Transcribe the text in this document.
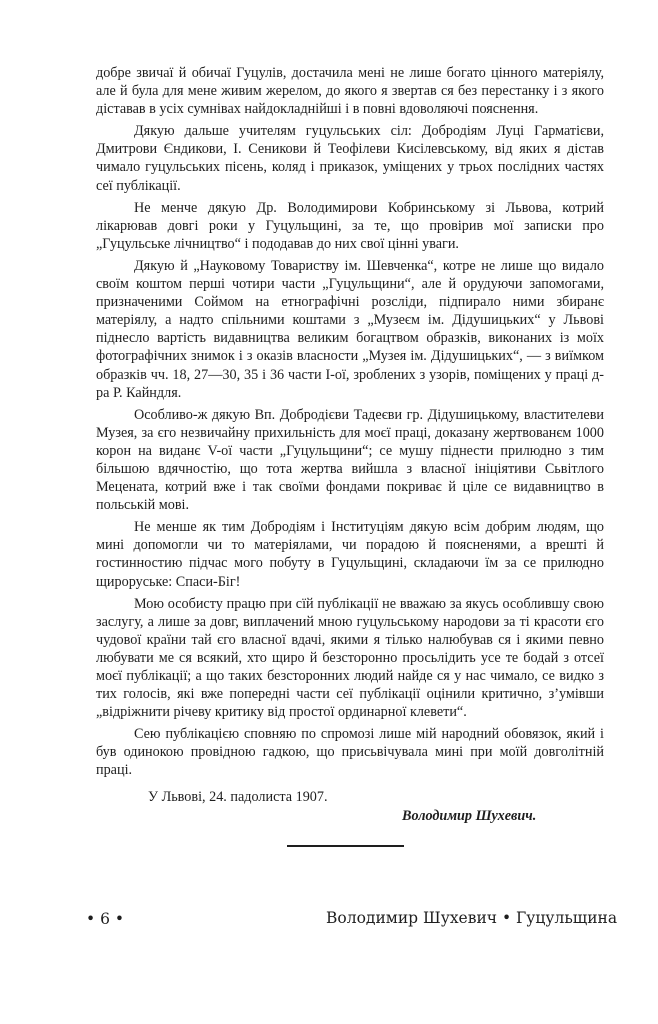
добре звичаї й обичаї Гуцулів, достачила мені не лише богато цінного матеріялу, але й була для мене живим жерелом, до якого я звертав ся без перестанку і з якого діставав в усіх сумнівах найдокладнійші і в повні вдоволяючі пояснення.

Дякую дальше учителям гуцульських сіл: Добродіям Луці Гарматієви, Дмитрови Єндикови, І. Сеникови й Теофілеви Кисілевському, від яких я дістав чимало гуцульських пісень, коляд і приказок, уміщених у трьох послідних частях сеї публікації.

Не менче дякую Др. Володимирови Кобринському зі Львова, котрий лікарював довгі роки у Гуцульщині, за те, що провірив мої записки про „Гуцульське лічництво“ і пододавав до них свої цінні уваги.

Дякую й „Науковому Товариству ім. Шевченка“, котре не лише що видало своїм коштом перші чотири части „Гуцульщини“, але й орудуючи запомогами, призначеними Соймом на етнографічні розсліди, підпирало ними збиранє матеріялу, а надто спільними коштами з „Музеєм ім. Дідушицьких“ у Львові піднесло вартість видавництва великим богацтвом образків, виконаних із моїх фотографічних знимок і з оказів власности „Музея ім. Дідушицьких“, — з виїмком образків чч. 18, 27—30, 35 і 36 части І-ої, зроблених з узорів, поміщених у праці д-ра Р. Кайндля.

Особливо-ж дякую Вп. Добродієви Тадеєви гр. Дідушицькому, властителеви Музея, за єго незвичайну прихильність для моєї праці, доказану жертвованєм 1000 корон на виданє V-ої части „Гуцульщини“; се мушу піднести прилюдно з тим більшою вдячностію, що тота жертва вийшла з власної ініціятиви Сьвітлого Мецената, котрий вже і так своїми фондами покриває й ціле се видавництво в польській мові.

Не менше як тим Добродіям і Інституціям дякую всім добрим людям, що мині допомогли чи то матеріялами, чи порадою й поясненями, а врешті й гостинностию підчас мого побуту в Гуцульщині, складаючи їм за се прилюдно щироруське: Спаси-Біг!

Мою особисту працю при сїй публікації не вважаю за якусь особлившу свою заслугу, а лише за довг, виплачений мною гуцульському народови за ті красоти єго чудової країни тай єго власної вдачі, якими я тілько налюбував ся і якими певно любувати ме ся всякий, хто щиро й безсторонно просьлідить усе те бодай з отсеї моєї публікації; а що таких безсторонних людий найде ся у нас чимало, се видко з тих голосів, які вже попередні части сеї публікації оцінили критично, з’умівши „відріжнити річеву критику від простої ординарної клевети“.

Сею публікацією сповняю по спромозі лише мій народний обовязок, який і був одинокою провідною гадкою, що присьвічувала мині при моїй довголітній праці.

У Львові, 24. падолиста 1907.
Володимир Шухевич.
• 6 •	Володимир Шухевич • Гуцульщина
